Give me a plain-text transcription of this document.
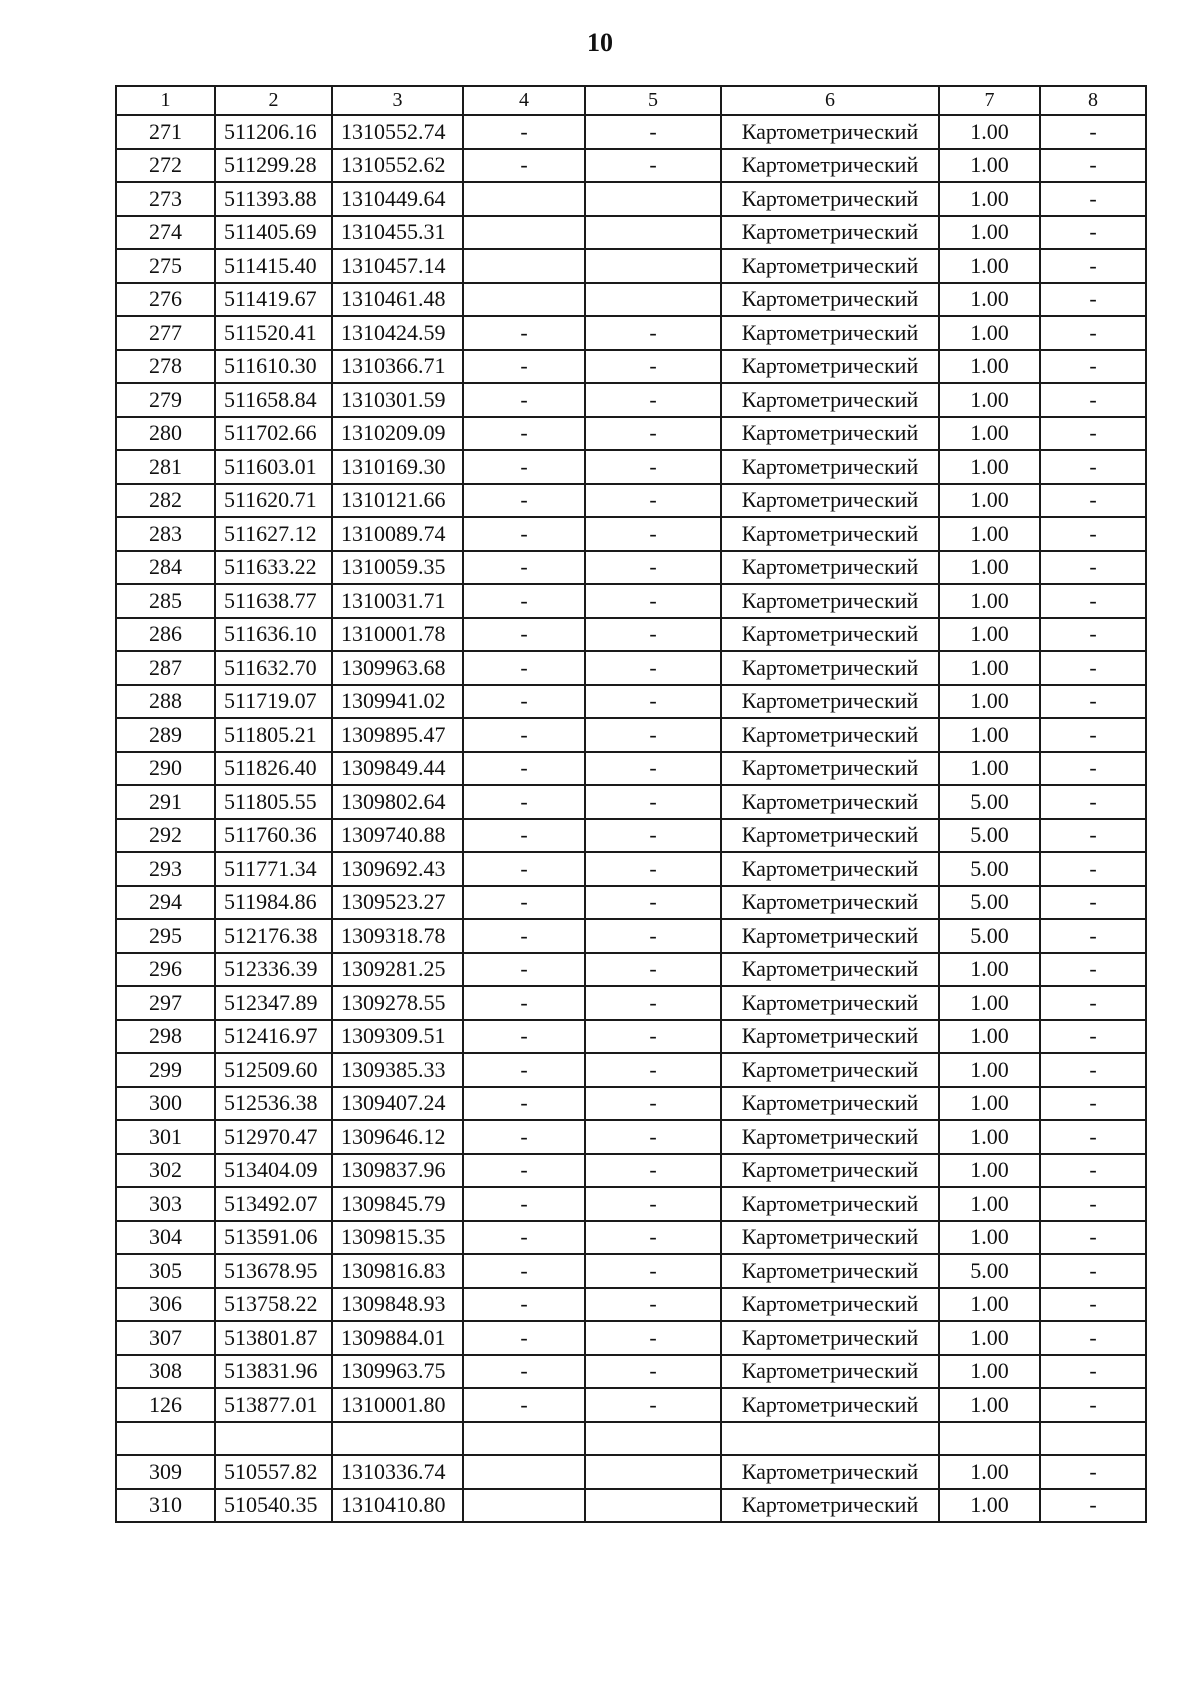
10
1	2	3	4	5	6	7	8
271	511206.16	1310552.74	-	-	Картометрический	1.00	-
272	511299.28	1310552.62	-	-	Картометрический	1.00	-
273	511393.88	1310449.64			Картометрический	1.00	-
274	511405.69	1310455.31			Картометрический	1.00	-
275	511415.40	1310457.14			Картометрический	1.00	-
276	511419.67	1310461.48			Картометрический	1.00	-
277	511520.41	1310424.59	-	-	Картометрический	1.00	-
278	511610.30	1310366.71	-	-	Картометрический	1.00	-
279	511658.84	1310301.59	-	-	Картометрический	1.00	-
280	511702.66	1310209.09	-	-	Картометрический	1.00	-
281	511603.01	1310169.30	-	-	Картометрический	1.00	-
282	511620.71	1310121.66	-	-	Картометрический	1.00	-
283	511627.12	1310089.74	-	-	Картометрический	1.00	-
284	511633.22	1310059.35	-	-	Картометрический	1.00	-
285	511638.77	1310031.71	-	-	Картометрический	1.00	-
286	511636.10	1310001.78	-	-	Картометрический	1.00	-
287	511632.70	1309963.68	-	-	Картометрический	1.00	-
288	511719.07	1309941.02	-	-	Картометрический	1.00	-
289	511805.21	1309895.47	-	-	Картометрический	1.00	-
290	511826.40	1309849.44	-	-	Картометрический	1.00	-
291	511805.55	1309802.64	-	-	Картометрический	5.00	-
292	511760.36	1309740.88	-	-	Картометрический	5.00	-
293	511771.34	1309692.43	-	-	Картометрический	5.00	-
294	511984.86	1309523.27	-	-	Картометрический	5.00	-
295	512176.38	1309318.78	-	-	Картометрический	5.00	-
296	512336.39	1309281.25	-	-	Картометрический	1.00	-
297	512347.89	1309278.55	-	-	Картометрический	1.00	-
298	512416.97	1309309.51	-	-	Картометрический	1.00	-
299	512509.60	1309385.33	-	-	Картометрический	1.00	-
300	512536.38	1309407.24	-	-	Картометрический	1.00	-
301	512970.47	1309646.12	-	-	Картометрический	1.00	-
302	513404.09	1309837.96	-	-	Картометрический	1.00	-
303	513492.07	1309845.79	-	-	Картометрический	1.00	-
304	513591.06	1309815.35	-	-	Картометрический	1.00	-
305	513678.95	1309816.83	-	-	Картометрический	5.00	-
306	513758.22	1309848.93	-	-	Картометрический	1.00	-
307	513801.87	1309884.01	-	-	Картометрический	1.00	-
308	513831.96	1309963.75	-	-	Картометрический	1.00	-
126	513877.01	1310001.80	-	-	Картометрический	1.00	-

309	510557.82	1310336.74			Картометрический	1.00	-
310	510540.35	1310410.80			Картометрический	1.00	-
